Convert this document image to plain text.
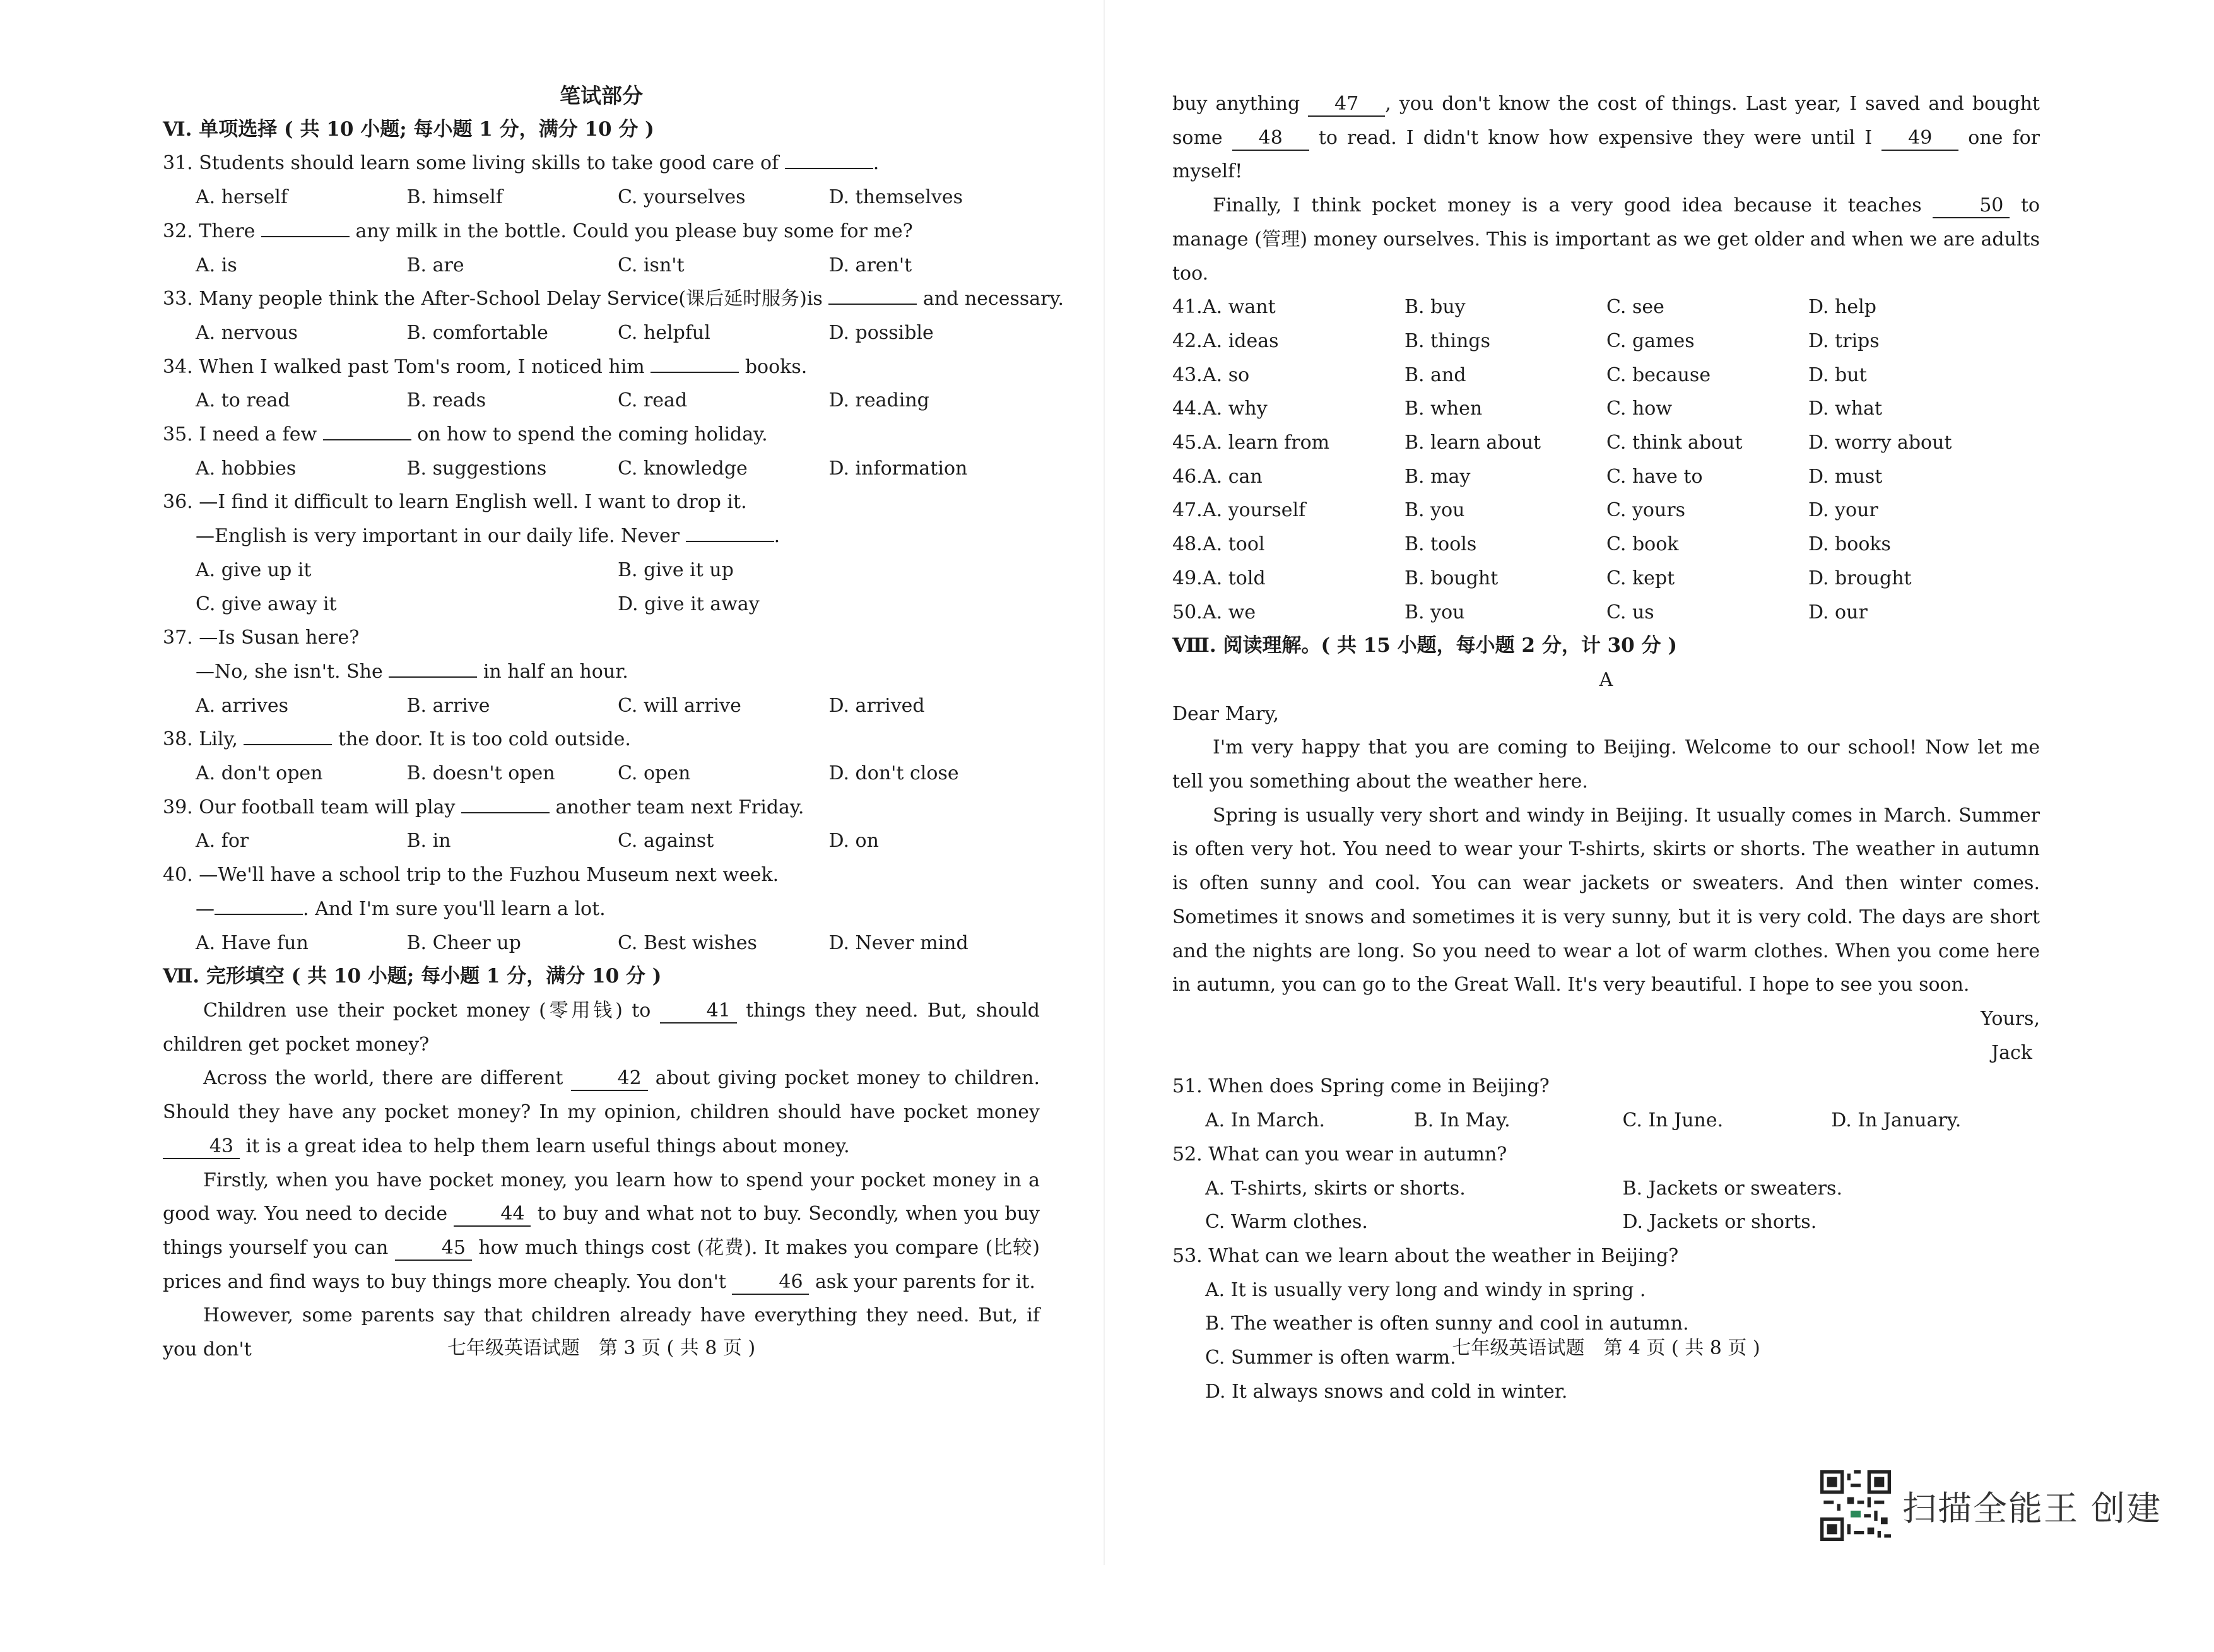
笔试部分
Ⅵ. 单项选择 ( 共 10 小题; 每小题 1 分，满分 10 分 )
31. Students should learn some living skills to take good care of	.
A. herself	B. himself	C. yourselves	D. themselves
32. There	any milk in the bottle. Could you please buy some for me?
A. is	B. are	C. isn't	D. aren't
33. Many people think the After-School Delay Service(课后延时服务)is	and necessary.
A. nervous	B. comfortable	C. helpful	D. possible
34. When I walked past Tom's room, I noticed him	books.
A. to read	B. reads	C. read	D. reading
35. I need a few	on how to spend the coming holiday.
A. hobbies	B. suggestions	C. knowledge	D. information
36. —I find it difficult to learn English well. I want to drop it.
—English is very important in our daily life. Never	.
A. give up it	B. give it up
C. give away it	D. give it away
37. —Is Susan here?
—No, she isn't. She	in half an hour.
A. arrives	B. arrive	C. will arrive	D. arrived
38. Lily,	the door. It is too cold outside.
A. don't open	B. doesn't open	C. open	D. don't close
39. Our football team will play	another team next Friday.
A. for	B. in	C. against	D. on
40. —We'll have a school trip to the Fuzhou Museum next week.
—	. And I'm sure you'll learn a lot.
A. Have fun	B. Cheer up	C. Best wishes	D. Never mind
Ⅶ. 完形填空 ( 共 10 小题; 每小题 1 分，满分 10 分 )
Children use their pocket money (零用钱) to	41 things they need. But, should children get pocket money?
Across the world, there are different	42 about giving pocket money to children. Should they have any pocket money? In my opinion, children should have pocket money 43 it is a great idea to help them learn useful things about money.
Firstly, when you have pocket money, you learn how to spend your pocket money in a good way. You need to decide	44 to buy and what not to buy. Secondly, when you buy things yourself you can	45 how much things cost (花费). It makes you compare (比较) prices and find ways to buy things more cheaply. You don't	46 ask your parents for it.
However, some parents say that children already have everything they need. But, if you don't	七年级英语试题　第 3 页 ( 共 8 页 )
buy anything 47 , you don't know the cost of things. Last year, I saved and bought some 48 to read. I didn't know how expensive they were until I 49 one for myself!
Finally, I think pocket money is a very good idea because it teaches	50 to manage (管理) money ourselves. This is important as we get older and when we are adults too.
41. A. want	B. buy	C. see	D. help
42. A. ideas	B. things	C. games	D. trips
43. A. so	B. and	C. because	D. but
44. A. why	B. when	C. how	D. what
45. A. learn from	B. learn about	C. think about	D. worry about
46. A. can	B. may	C. have to	D. must
47. A. yourself	B. you	C. yours	D. your
48. A. tool	B. tools	C. book	D. books
49. A. told	B. bought	C. kept	D. brought
50. A. we	B. you	C. us	D. our
Ⅷ. 阅读理解。( 共 15 小题，每小题 2 分，计 30 分 )
A
Dear Mary,
I'm very happy that you are coming to Beijing. Welcome to our school! Now let me tell you something about the weather here.
Spring is usually very short and windy in Beijing. It usually comes in March. Summer is often very hot. You need to wear your T-shirts, skirts or shorts. The weather in autumn is often sunny and cool. You can wear jackets or sweaters. And then winter comes. Sometimes it snows and sometimes it is very sunny, but it is very cold. The days are short and the nights are long. So you need to wear a lot of warm clothes. When you come here in autumn, you can go to the Great Wall. It's very beautiful. I hope to see you soon.
Yours,
Jack
51. When does Spring come in Beijing?
A. In March.	B. In May.	C. In June.	D. In January.
52. What can you wear in autumn?
A. T-shirts, skirts or shorts.	B. Jackets or sweaters.
C. Warm clothes.	D. Jackets or shorts.
53. What can we learn about the weather in Beijing?
A. It is usually very long and windy in spring .
B. The weather is often sunny and cool in autumn.
C. Summer is often warm.
D. It always snows and cold in winter.
七年级英语试题　第 4 页 ( 共 8 页 )
扫描全能王 创建
